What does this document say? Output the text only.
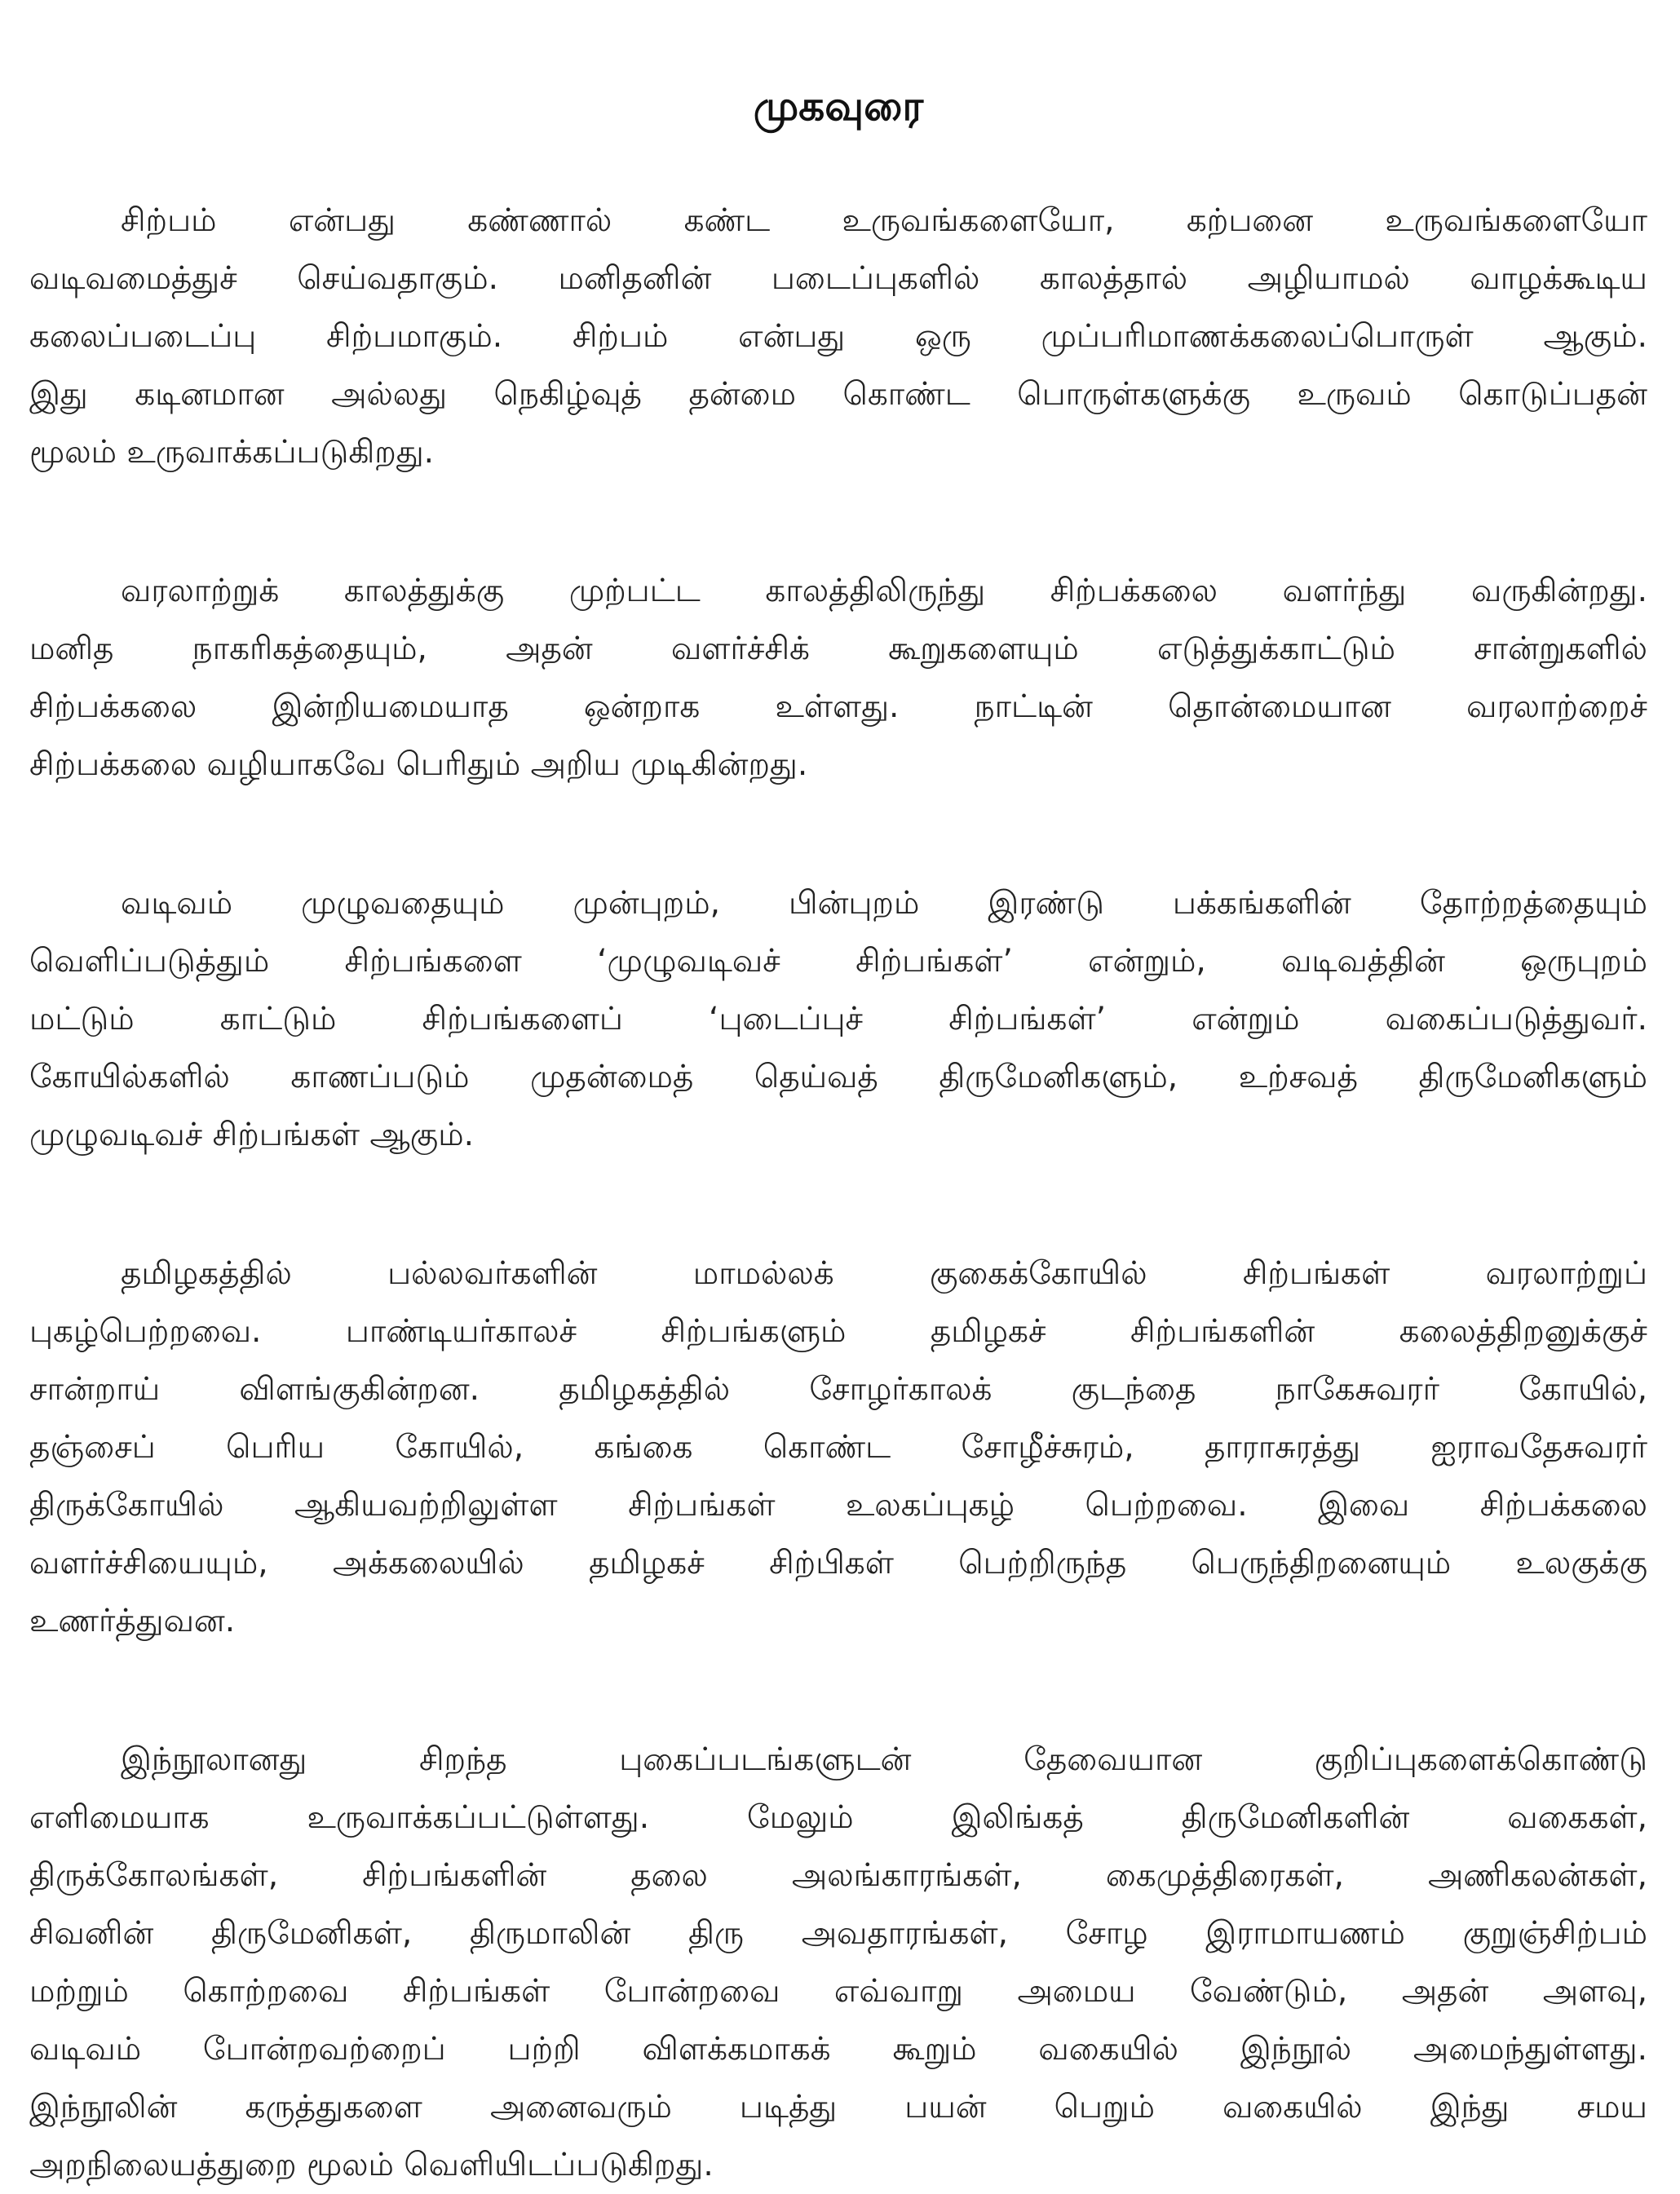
முகவுரை
சிற்பம் என்பது கண்ணால் கண்ட உருவங்களையோ, கற்பனை உருவங்களையோ
வடிவமைத்துச் செய்வதாகும். மனிதனின் படைப்புகளில் காலத்தால் அழியாமல் வாழக்கூடிய
கலைப்படைப்பு சிற்பமாகும். சிற்பம் என்பது ஒரு முப்பரிமாணக்கலைப்பொருள் ஆகும்.
இது கடினமான அல்லது நெகிழ்வுத் தன்மை கொண்ட பொருள்களுக்கு உருவம் கொடுப்பதன்
மூலம் உருவாக்கப்படுகிறது.
வரலாற்றுக் காலத்துக்கு முற்பட்ட காலத்திலிருந்து சிற்பக்கலை வளர்ந்து வருகின்றது.
மனித நாகரிகத்தையும், அதன் வளர்ச்சிக் கூறுகளையும் எடுத்துக்காட்டும் சான்றுகளில்
சிற்பக்கலை இன்றியமையாத ஒன்றாக உள்ளது. நாட்டின் தொன்மையான வரலாற்றைச்
சிற்பக்கலை வழியாகவே பெரிதும் அறிய முடிகின்றது.
வடிவம் முழுவதையும் முன்புறம், பின்புறம் இரண்டு பக்கங்களின் தோற்றத்தையும்
வெளிப்படுத்தும் சிற்பங்களை ‘முழுவடிவச் சிற்பங்கள்’ என்றும், வடிவத்தின் ஒருபுறம்
மட்டும் காட்டும் சிற்பங்களைப் ‘புடைப்புச் சிற்பங்கள்’ என்றும் வகைப்படுத்துவர்.
கோயில்களில் காணப்படும் முதன்மைத் தெய்வத் திருமேனிகளும், உற்சவத் திருமேனிகளும்
முழுவடிவச் சிற்பங்கள் ஆகும்.
தமிழகத்தில் பல்லவர்களின் மாமல்லக் குகைக்கோயில் சிற்பங்கள் வரலாற்றுப்
புகழ்பெற்றவை. பாண்டியர்காலச் சிற்பங்களும் தமிழகச் சிற்பங்களின் கலைத்திறனுக்குச்
சான்றாய் விளங்குகின்றன. தமிழகத்தில் சோழர்காலக் குடந்தை நாகேசுவரர் கோயில்,
தஞ்சைப் பெரிய கோயில், கங்கை கொண்ட சோழீச்சுரம், தாராசுரத்து ஐராவதேசுவரர்
திருக்கோயில் ஆகியவற்றிலுள்ள சிற்பங்கள் உலகப்புகழ் பெற்றவை. இவை சிற்பக்கலை
வளர்ச்சியையும், அக்கலையில் தமிழகச் சிற்பிகள் பெற்றிருந்த பெருந்திறனையும் உலகுக்கு
உணர்த்துவன.
இந்நூலானது சிறந்த புகைப்படங்களுடன் தேவையான குறிப்புகளைக்கொண்டு
எளிமையாக உருவாக்கப்பட்டுள்ளது. மேலும் இலிங்கத் திருமேனிகளின் வகைகள்,
திருக்கோலங்கள், சிற்பங்களின் தலை அலங்காரங்கள், கைமுத்திரைகள், அணிகலன்கள்,
சிவனின் திருமேனிகள், திருமாலின் திரு அவதாரங்கள், சோழ இராமாயணம் குறுஞ்சிற்பம்
மற்றும் கொற்றவை சிற்பங்கள் போன்றவை எவ்வாறு அமைய வேண்டும், அதன் அளவு,
வடிவம் போன்றவற்றைப் பற்றி விளக்கமாகக் கூறும் வகையில் இந்நூல் அமைந்துள்ளது.
இந்நூலின் கருத்துகளை அனைவரும் படித்து பயன் பெறும் வகையில் இந்து சமய
அறநிலையத்துறை மூலம் வெளியிடப்படுகிறது.
